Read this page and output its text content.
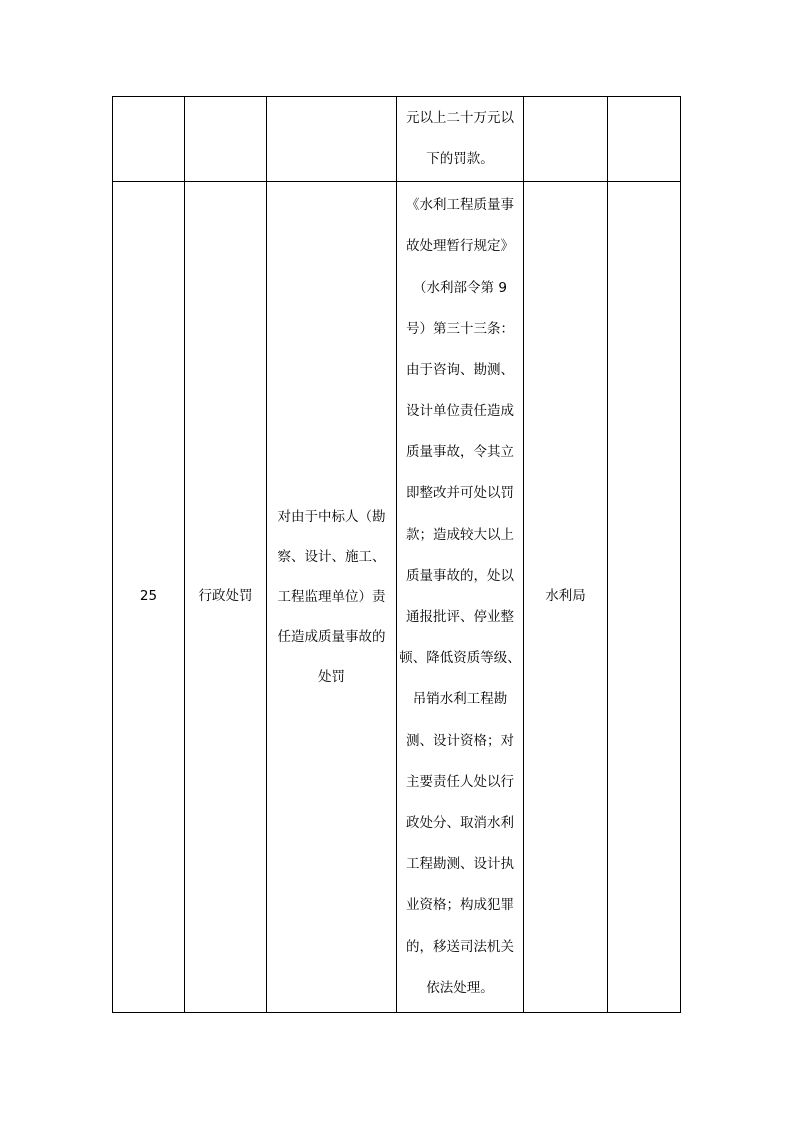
元以上二十万元以
下的罚款。
25	行政处罚
对由于中标人（勘
察、设计、施工、
工程监理单位）责
任造成质量事故的
处罚
《水利工程质量事
故处理暂行规定》
（水利部令第 9
号）第三十三条：
由于咨询、勘测、
设计单位责任造成
质量事故，令其立
即整改并可处以罚
款；造成较大以上
质量事故的，处以
通报批评、停业整
顿、降低资质等级、
吊销水利工程勘
测、设计资格；对
主要责任人处以行
政处分、取消水利
工程勘测、设计执
业资格；构成犯罪
的，移送司法机关
依法处理。
水利局
